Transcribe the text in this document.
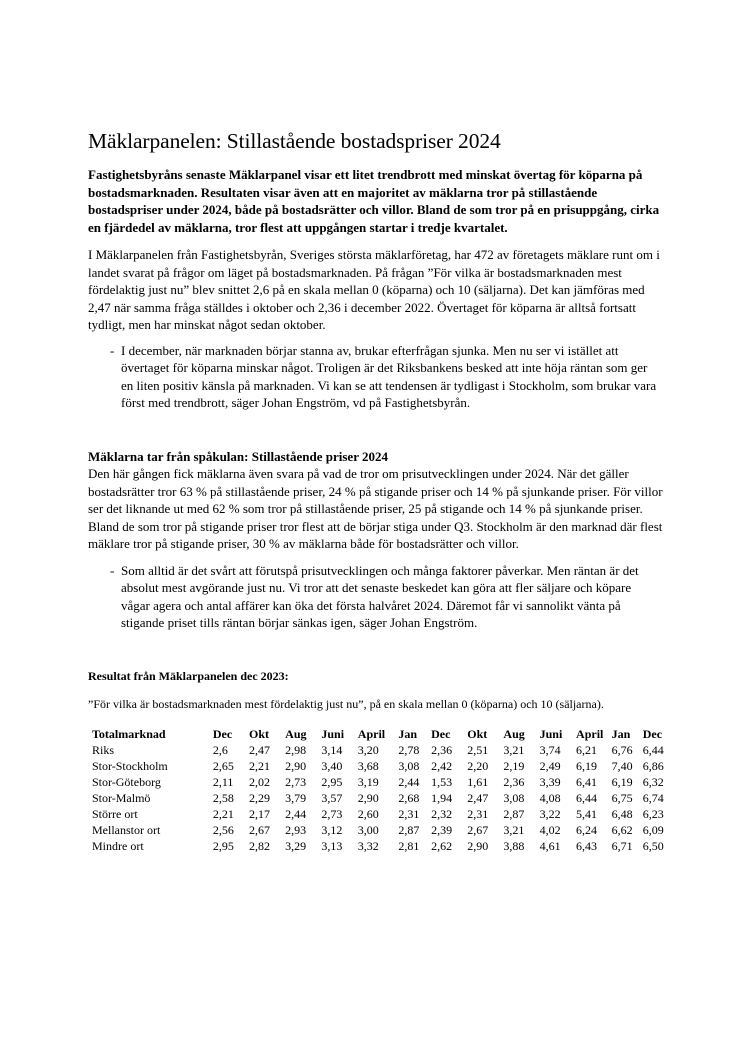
Mäklarpanelen: Stillastående bostadspriser 2024

Fastighetsbyråns senaste Mäklarpanel visar ett litet trendbrott med minskat övertag för köparna på bostadsmarknaden. Resultaten visar även att en majoritet av mäklarna tror på stillastående bostadspriser under 2024, både på bostadsrätter och villor. Bland de som tror på en prisuppgång, cirka en fjärdedel av mäklarna, tror flest att uppgången startar i tredje kvartalet.

I Mäklarpanelen från Fastighetsbyrån, Sveriges största mäklarföretag, har 472 av företagets mäklare runt om i landet svarat på frågor om läget på bostadsmarknaden. På frågan ”För vilka är bostadsmarknaden mest fördelaktig just nu” blev snittet 2,6 på en skala mellan 0 (köparna) och 10 (säljarna). Det kan jämföras med 2,47 när samma fråga ställdes i oktober och 2,36 i december 2022. Övertaget för köparna är alltså fortsatt tydligt, men har minskat något sedan oktober.

- I december, när marknaden börjar stanna av, brukar efterfrågan sjunka. Men nu ser vi istället att övertaget för köparna minskar något. Troligen är det Riksbankens besked att inte höja räntan som ger en liten positiv känsla på marknaden. Vi kan se att tendensen är tydligast i Stockholm, som brukar vara först med trendbrott, säger Johan Engström, vd på Fastighetsbyrån.

Mäklarna tar från spåkulan: Stillastående priser 2024

Den här gången fick mäklarna även svara på vad de tror om prisutvecklingen under 2024. När det gäller bostadsrätter tror 63 % på stillastående priser, 24 % på stigande priser och 14 % på sjunkande priser. För villor ser det liknande ut med 62 % som tror på stillastående priser, 25 på stigande och 14 % på sjunkande priser. Bland de som tror på stigande priser tror flest att de börjar stiga under Q3. Stockholm är den marknad där flest mäklare tror på stigande priser, 30 % av mäklarna både för bostadsrätter och villor.

- Som alltid är det svårt att förutspå prisutvecklingen och många faktorer påverkar. Men räntan är det absolut mest avgörande just nu. Vi tror att det senaste beskedet kan göra att fler säljare och köpare vågar agera och antal affärer kan öka det första halvåret 2024. Däremot får vi sannolikt vänta på stigande priset tills räntan börjar sänkas igen, säger Johan Engström.

Resultat från Mäklarpanelen dec 2023:

”För vilka är bostadsmarknaden mest fördelaktig just nu”, på en skala mellan 0 (köparna) och 10 (säljarna).

Totalmarknad	Dec	Okt	Aug	Juni	April	Jan	Dec	Okt	Aug	Juni	April	Jan	Dec
Riks	2,6	2,47	2,98	3,14	3,20	2,78	2,36	2,51	3,21	3,74	6,21	6,76	6,44
Stor-Stockholm	2,65	2,21	2,90	3,40	3,68	3,08	2,42	2,20	2,19	2,49	6,19	7,40	6,86
Stor-Göteborg	2,11	2,02	2,73	2,95	3,19	2,44	1,53	1,61	2,36	3,39	6,41	6,19	6,32
Stor-Malmö	2,58	2,29	3,79	3,57	2,90	2,68	1,94	2,47	3,08	4,08	6,44	6,75	6,74
Större ort	2,21	2,17	2,44	2,73	2,60	2,31	2,32	2,31	2,87	3,22	5,41	6,48	6,23
Mellanstor ort	2,56	2,67	2,93	3,12	3,00	2,87	2,39	2,67	3,21	4,02	6,24	6,62	6,09
Mindre ort	2,95	2,82	3,29	3,13	3,32	2,81	2,62	2,90	3,88	4,61	6,43	6,71	6,50
